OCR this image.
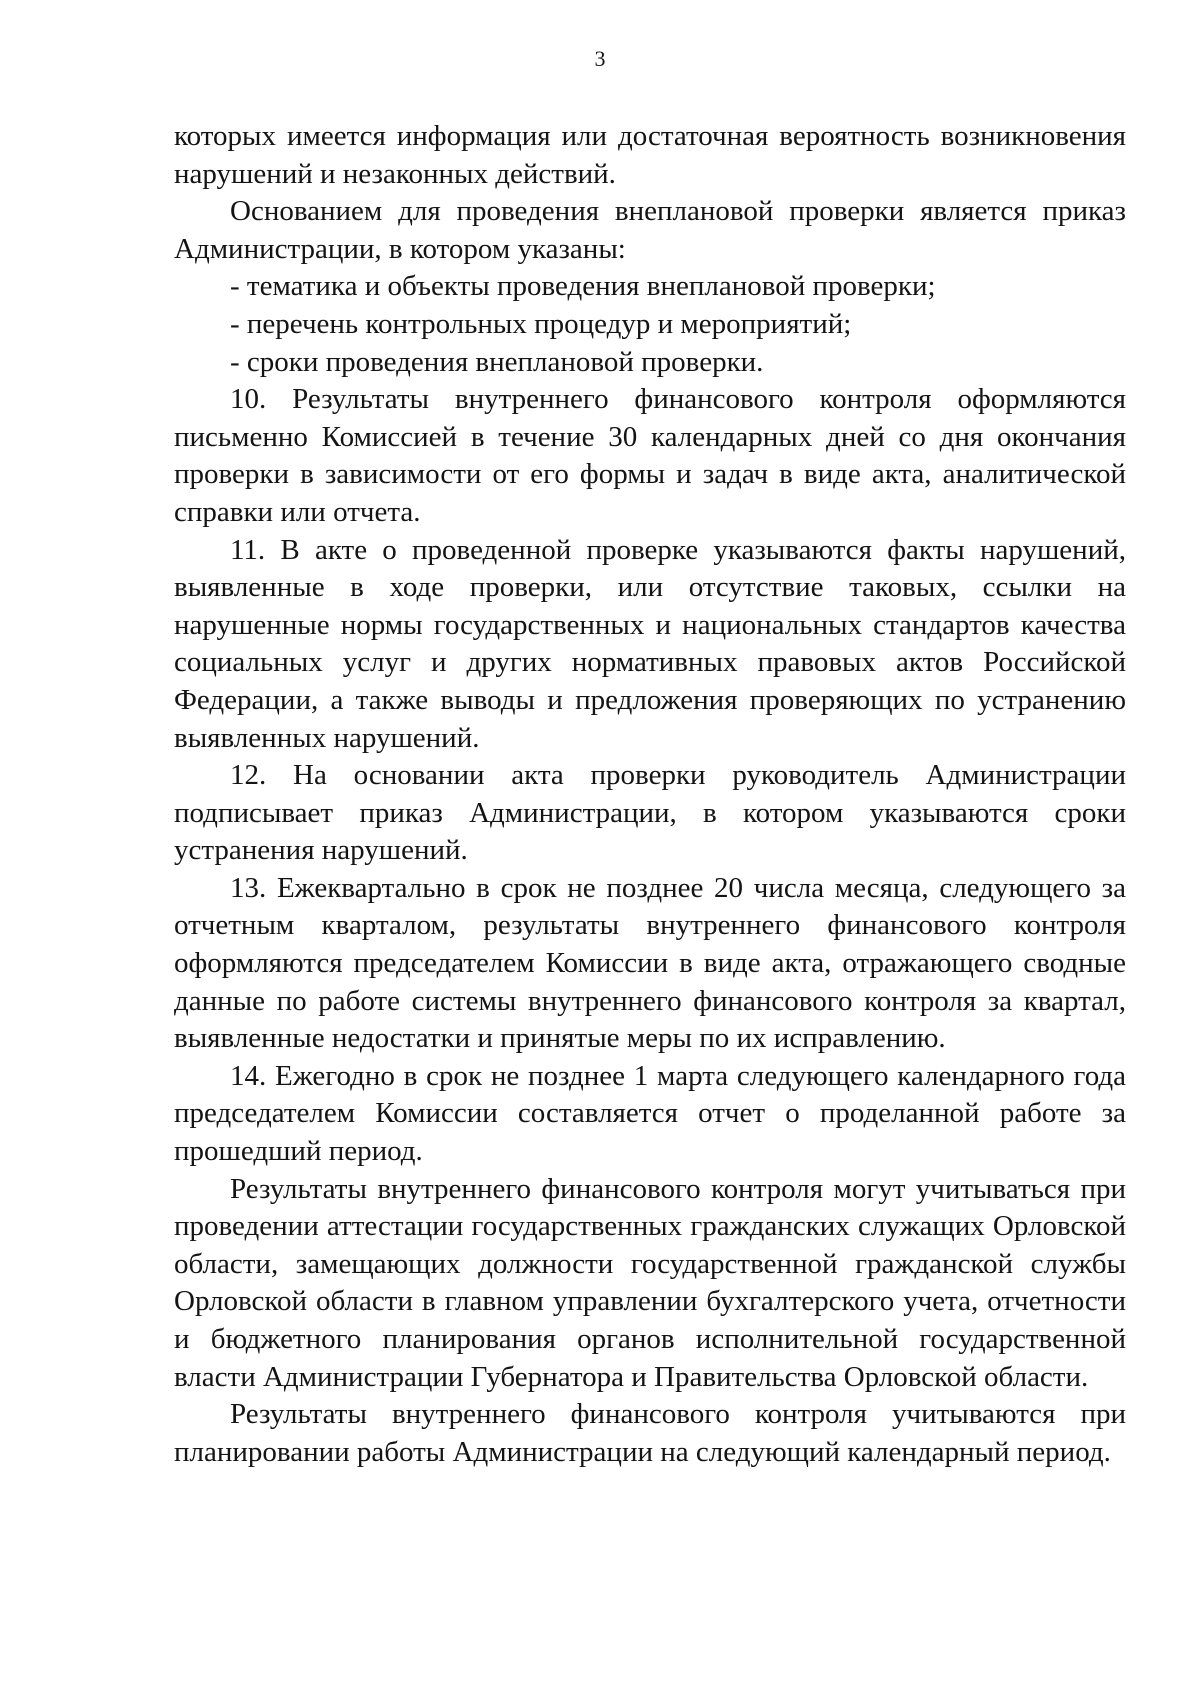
3

которых имеется информация или достаточная вероятность возникновения нарушений и незаконных действий.

Основанием для проведения внеплановой проверки является приказ Администрации, в котором указаны:

- тематика и объекты проведения внеплановой проверки;

- перечень контрольных процедур и мероприятий;

- сроки проведения внеплановой проверки.

10. Результаты внутреннего финансового контроля оформляются письменно Комиссией в течение 30 календарных дней со дня окончания проверки в зависимости от его формы и задач в виде акта, аналитической справки или отчета.

11. В акте о проведенной проверке указываются факты нарушений, выявленные в ходе проверки, или отсутствие таковых, ссылки на нарушенные нормы государственных и национальных стандартов качества социальных услуг и других нормативных правовых актов Российской Федерации, а также выводы и предложения проверяющих по устранению выявленных нарушений.

12. На основании акта проверки руководитель Администрации подписывает приказ Администрации, в котором указываются сроки устранения нарушений.

13. Ежеквартально в срок не позднее 20 числа месяца, следующего за отчетным кварталом, результаты внутреннего финансового контроля оформляются председателем Комиссии в виде акта, отражающего сводные данные по работе системы внутреннего финансового контроля за квартал, выявленные недостатки и принятые меры по их исправлению.

14. Ежегодно в срок не позднее 1 марта следующего календарного года председателем Комиссии составляется отчет о проделанной работе за прошедший период.

Результаты внутреннего финансового контроля могут учитываться при проведении аттестации государственных гражданских служащих Орловской области, замещающих должности государственной гражданской службы Орловской области в главном управлении бухгалтерского учета, отчетности и бюджетного планирования органов исполнительной государственной власти Администрации Губернатора и Правительства Орловской области.

Результаты внутреннего финансового контроля учитываются при планировании работы Администрации на следующий календарный период.
